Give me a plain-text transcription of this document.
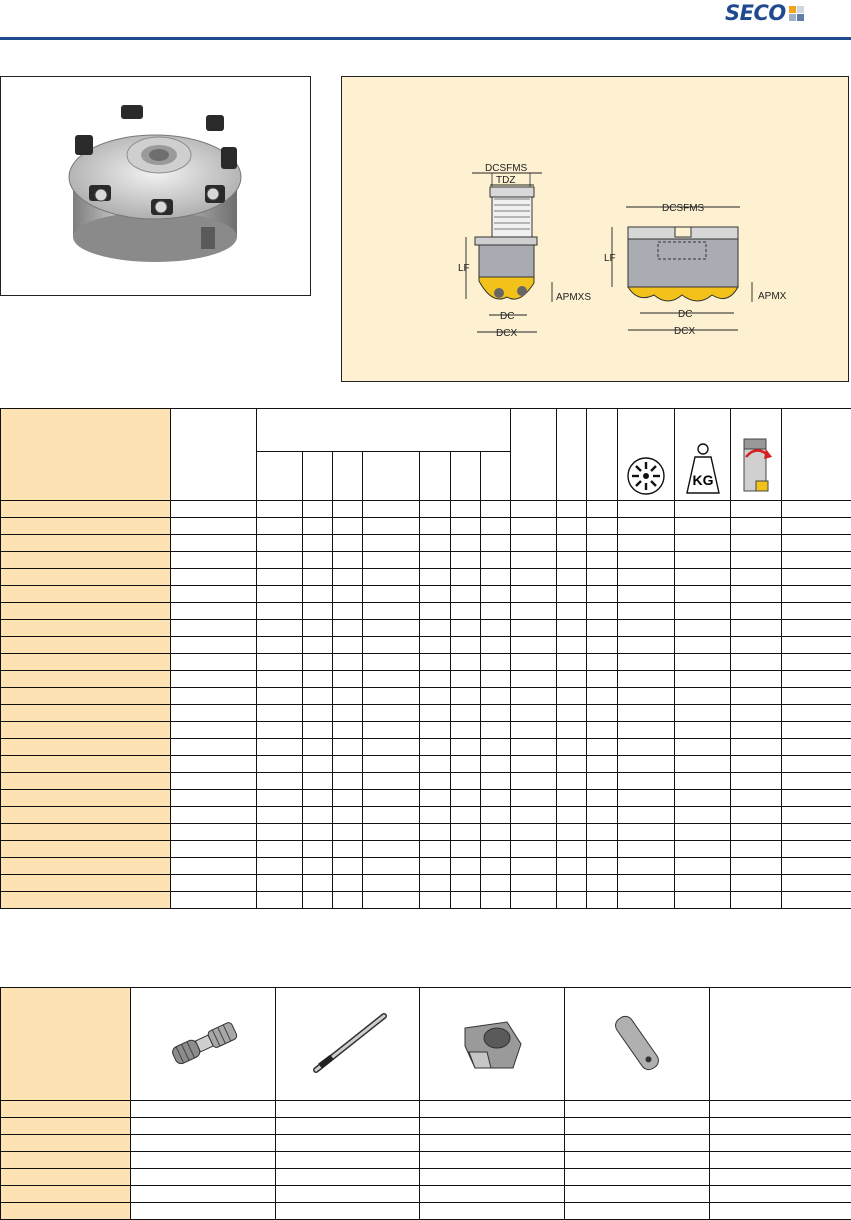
SECO
DCSFMS
TDZ
LF
APMXS
DC
DCX
DCSFMS
LF
APMX
DC
DCX

KG
